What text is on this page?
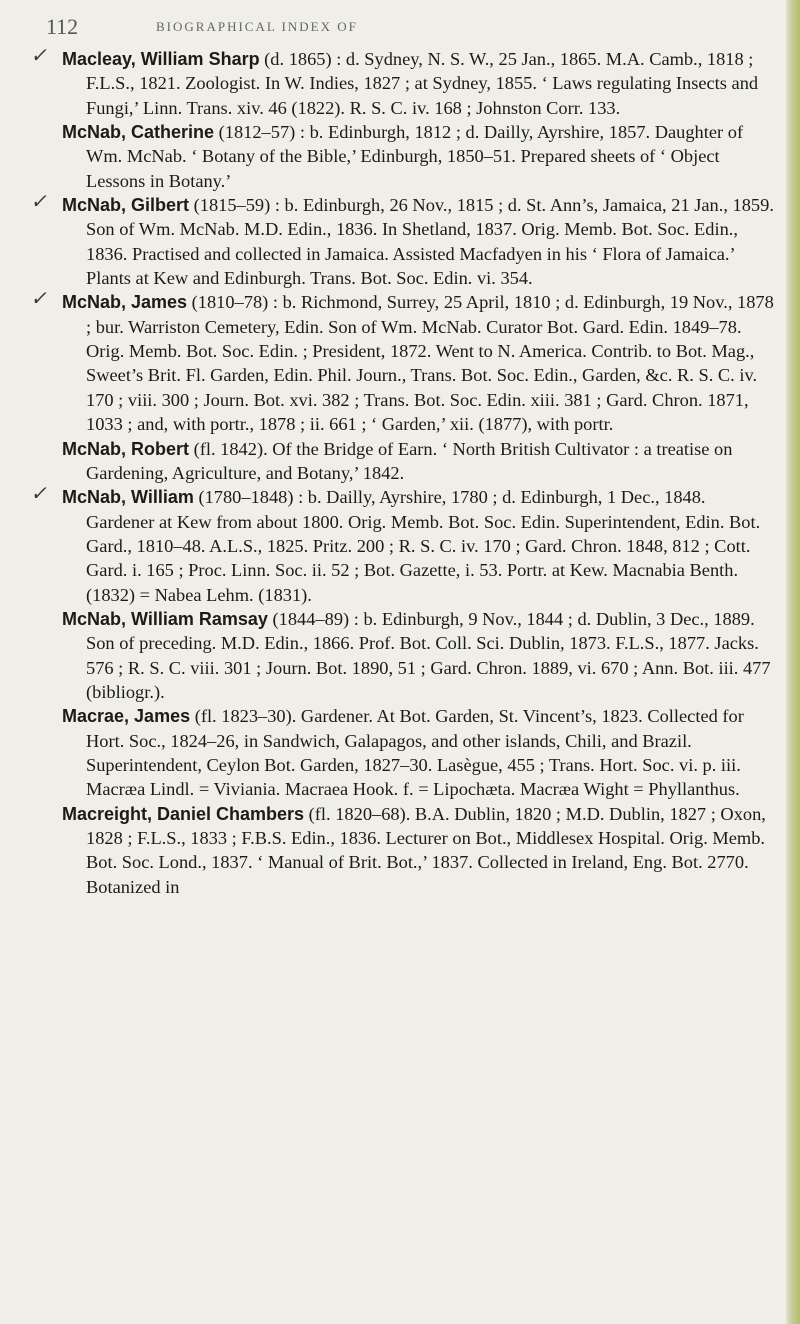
112	BIOGRAPHICAL INDEX OF

✓ Macleay, William Sharp (d. 1865) : d. Sydney, N. S. W., 25 Jan., 1865. M.A. Camb., 1818 ; F.L.S., 1821. Zoologist. In W. Indies, 1827 ; at Sydney, 1855. ‘ Laws regulating Insects and Fungi,’ Linn. Trans. xiv. 46 (1822). R. S. C. iv. 168 ; Johnston Corr. 133.

McNab, Catherine (1812–57) : b. Edinburgh, 1812 ; d. Dailly, Ayrshire, 1857. Daughter of Wm. McNab. ‘ Botany of the Bible,’ Edinburgh, 1850–51. Prepared sheets of ‘ Object Lessons in Botany.’

✓ McNab, Gilbert (1815–59) : b. Edinburgh, 26 Nov., 1815 ; d. St. Ann’s, Jamaica, 21 Jan., 1859. Son of Wm. McNab. M.D. Edin., 1836. In Shetland, 1837. Orig. Memb. Bot. Soc. Edin., 1836. Practised and collected in Jamaica. Assisted Macfadyen in his ‘ Flora of Jamaica.’ Plants at Kew and Edinburgh. Trans. Bot. Soc. Edin. vi. 354.

✓ McNab, James (1810–78) : b. Richmond, Surrey, 25 April, 1810 ; d. Edinburgh, 19 Nov., 1878 ; bur. Warriston Cemetery, Edin. Son of Wm. McNab. Curator Bot. Gard. Edin. 1849–78. Orig. Memb. Bot. Soc. Edin. ; President, 1872. Went to N. America. Contrib. to Bot. Mag., Sweet’s Brit. Fl. Garden, Edin. Phil. Journ., Trans. Bot. Soc. Edin., Garden, &c. R. S. C. iv. 170 ; viii. 300 ; Journ. Bot. xvi. 382 ; Trans. Bot. Soc. Edin. xiii. 381 ; Gard. Chron. 1871, 1033 ; and, with portr., 1878 ; ii. 661 ; ‘ Garden,’ xii. (1877), with portr.

McNab, Robert (fl. 1842). Of the Bridge of Earn. ‘ North British Cultivator : a treatise on Gardening, Agriculture, and Botany,’ 1842.

✓ McNab, William (1780–1848) : b. Dailly, Ayrshire, 1780 ; d. Edinburgh, 1 Dec., 1848. Gardener at Kew from about 1800. Orig. Memb. Bot. Soc. Edin. Superintendent, Edin. Bot. Gard., 1810–48. A.L.S., 1825. Pritz. 200 ; R. S. C. iv. 170 ; Gard. Chron. 1848, 812 ; Cott. Gard. i. 165 ; Proc. Linn. Soc. ii. 52 ; Bot. Gazette, i. 53. Portr. at Kew. Macnabia Benth. (1832) = Nabea Lehm. (1831).

McNab, William Ramsay (1844–89) : b. Edinburgh, 9 Nov., 1844 ; d. Dublin, 3 Dec., 1889. Son of preceding. M.D. Edin., 1866. Prof. Bot. Coll. Sci. Dublin, 1873. F.L.S., 1877. Jacks. 576 ; R. S. C. viii. 301 ; Journ. Bot. 1890, 51 ; Gard. Chron. 1889, vi. 670 ; Ann. Bot. iii. 477 (bibliogr.).

Macrae, James (fl. 1823–30). Gardener. At Bot. Garden, St. Vincent’s, 1823. Collected for Hort. Soc., 1824–26, in Sandwich, Galapagos, and other islands, Chili, and Brazil. Superintendent, Ceylon Bot. Garden, 1827–30. Lasègue, 455 ; Trans. Hort. Soc. vi. p. iii. Macræa Lindl. = Viviania. Macraea Hook. f. = Lipochæta. Macræa Wight = Phyllanthus.

Macreight, Daniel Chambers (fl. 1820–68). B.A. Dublin, 1820 ; M.D. Dublin, 1827 ; Oxon, 1828 ; F.L.S., 1833 ; F.B.S. Edin., 1836. Lecturer on Bot., Middlesex Hospital. Orig. Memb. Bot. Soc. Lond., 1837. ‘ Manual of Brit. Bot.,’ 1837. Collected in Ireland, Eng. Bot. 2770. Botanized in
